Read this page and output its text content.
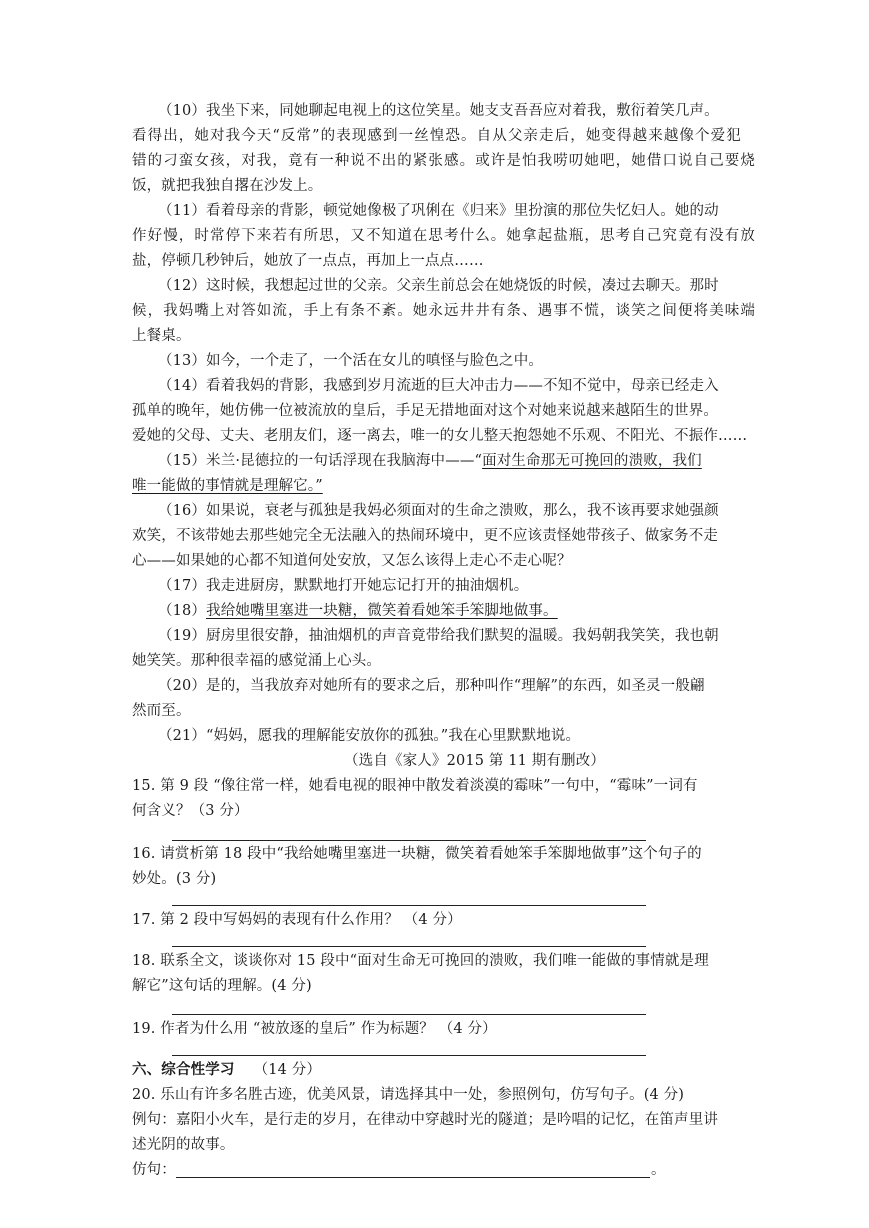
（10）我坐下来，同她聊起电视上的这位笑星。她支支吾吾应对着我，敷衍着笑几声。
看得出，她对我今天“反常”的表现感到一丝惶恐。自从父亲走后，她变得越来越像个爱犯
错的刁蛮女孩，对我，竟有一种说不出的紧张感。或许是怕我唠叨她吧，她借口说自己要烧
饭，就把我独自撂在沙发上。
（11）看着母亲的背影，顿觉她像极了巩俐在《归来》里扮演的那位失忆妇人。她的动
作好慢，时常停下来若有所思，又不知道在思考什么。她拿起盐瓶，思考自己究竟有没有放
盐，停顿几秒钟后，她放了一点点，再加上一点点……
（12）这时候，我想起过世的父亲。父亲生前总会在她烧饭的时候，凑过去聊天。那时
候，我妈嘴上对答如流，手上有条不紊。她永远井井有条、遇事不慌，谈笑之间便将美味端
上餐桌。
（13）如今，一个走了，一个活在女儿的嗔怪与脸色之中。
（14）看着我妈的背影，我感到岁月流逝的巨大冲击力——不知不觉中，母亲已经走入
孤单的晚年，她仿佛一位被流放的皇后，手足无措地面对这个对她来说越来越陌生的世界。
爱她的父母、丈夫、老朋友们，逐一离去，唯一的女儿整天抱怨她不乐观、不阳光、不振作……
（15）米兰·昆德拉的一句话浮现在我脑海中——“面对生命那无可挽回的溃败，我们
唯一能做的事情就是理解它。”
（16）如果说，衰老与孤独是我妈必须面对的生命之溃败，那么，我不该再要求她强颜
欢笑，不该带她去那些她完全无法融入的热闹环境中，更不应该责怪她带孩子、做家务不走
心——如果她的心都不知道何处安放，又怎么该得上走心不走心呢？
（17）我走进厨房，默默地打开她忘记打开的抽油烟机。
（18）我给她嘴里塞进一块糖，微笑着看她笨手笨脚地做事。
（19）厨房里很安静，抽油烟机的声音竟带给我们默契的温暖。我妈朝我笑笑，我也朝
她笑笑。那种很幸福的感觉涌上心头。
（20）是的，当我放弃对她所有的要求之后，那种叫作“理解”的东西，如圣灵一般翩
然而至。
（21）“妈妈，愿我的理解能安放你的孤独。”我在心里默默地说。
（选自《家人》2015 第 11 期有删改）
15. 第 9 段 “像往常一样，她看电视的眼神中散发着淡漠的霉味”一句中，“霉味”一词有
何含义？（3 分）
16. 请赏析第 18 段中“我给她嘴里塞进一块糖，微笑着看她笨手笨脚地做事”这个句子的
妙处。(3 分)
17. 第 2 段中写妈妈的表现有什么作用？ （4 分）
18. 联系全文，谈谈你对 15 段中“面对生命无可挽回的溃败，我们唯一能做的事情就是理
解它”这句话的理解。(4 分)
19. 作者为什么用 “被放逐的皇后” 作为标题？ （4 分）
六、综合性学习 （14 分）
20. 乐山有许多名胜古迹，优美风景，请选择其中一处，参照例句，仿写句子。(4 分)
例句：嘉阳小火车，是行走的岁月，在律动中穿越时光的隧道；是吟唱的记忆，在笛声里讲
述光阴的故事。
仿句：	。
